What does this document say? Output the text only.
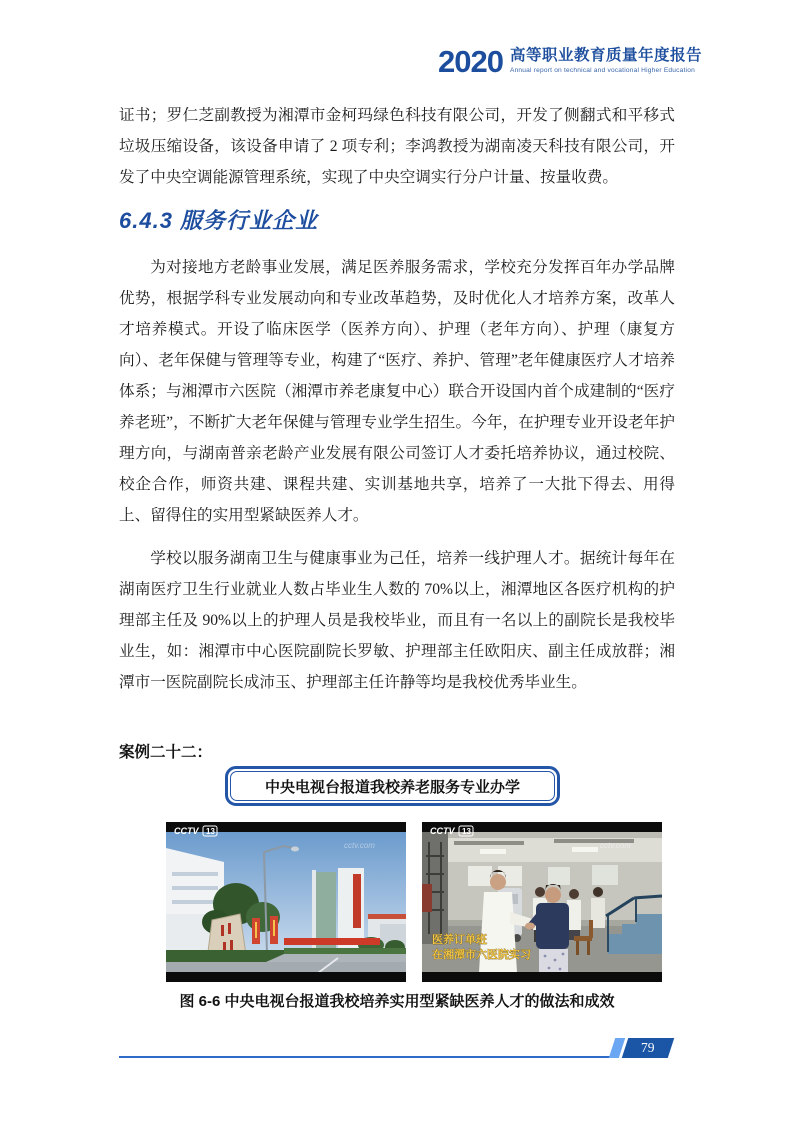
2020 高等职业教育质量年度报告
Annual report on technical and vocational Higher Education
证书；罗仁芝副教授为湘潭市金柯玛绿色科技有限公司，开发了侧翻式和平移式垃圾压缩设备，该设备申请了 2 项专利；李鸿教授为湖南凌天科技有限公司，开发了中央空调能源管理系统，实现了中央空调实行分户计量、按量收费。
6.4.3 服务行业企业
为对接地方老龄事业发展，满足医养服务需求，学校充分发挥百年办学品牌优势，根据学科专业发展动向和专业改革趋势，及时优化人才培养方案，改革人才培养模式。开设了临床医学（医养方向）、护理（老年方向）、护理（康复方向）、老年保健与管理等专业，构建了“医疗、养护、管理”老年健康医疗人才培养体系；与湘潭市六医院（湘潭市养老康复中心）联合开设国内首个成建制的“医疗养老班”，不断扩大老年保健与管理专业学生招生。今年，在护理专业开设老年护理方向，与湖南普亲老龄产业发展有限公司签订人才委托培养协议，通过校院、校企合作，师资共建、课程共建、实训基地共享，培养了一大批下得去、用得上、留得住的实用型紧缺医养人才。
学校以服务湖南卫生与健康事业为己任，培养一线护理人才。据统计每年在湖南医疗卫生行业就业人数占毕业生人数的 70%以上，湘潭地区各医疗机构的护理部主任及 90%以上的护理人员是我校毕业，而且有一名以上的副院长是我校毕业生，如：湘潭市中心医院副院长罗敏、护理部主任欧阳庆、副主任成放群；湘潭市一医院副院长成沛玉、护理部主任许静等均是我校优秀毕业生。
案例二十二：
中央电视台报道我校养老服务专业办学
CCTV 13
cctv.com
CCTV 13
cctv.com
医养订单班
在湘潭市六医院实习
图 6-6 中央电视台报道我校培养实用型紧缺医养人才的做法和成效
79
